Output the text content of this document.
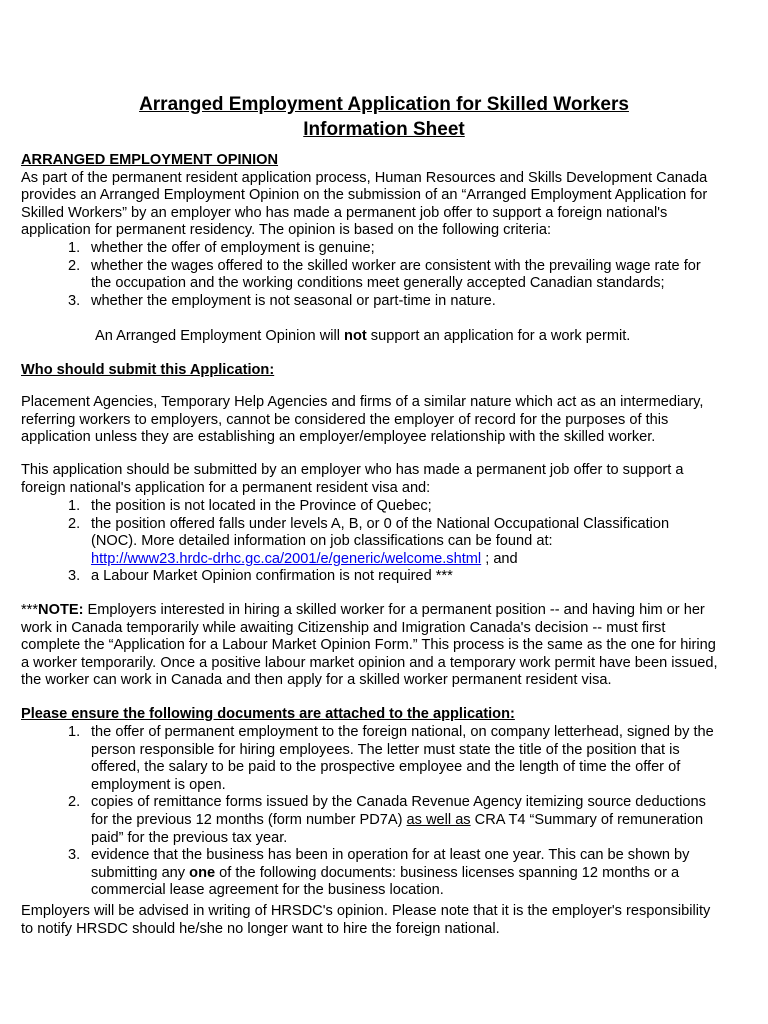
Arranged Employment Application for Skilled Workers
Information Sheet
ARRANGED EMPLOYMENT OPINION
As part of the permanent resident application process, Human Resources and Skills Development Canada
provides an Arranged Employment Opinion on the submission of an “Arranged Employment Application for
Skilled Workers” by an employer who has made a permanent job offer to support a foreign national's
application for permanent residency. The opinion is based on the following criteria:
1. whether the offer of employment is genuine;
2. whether the wages offered to the skilled worker are consistent with the prevailing wage rate for
the occupation and the working conditions meet generally accepted Canadian standards;
3. whether the employment is not seasonal or part-time in nature.
An Arranged Employment Opinion will not support an application for a work permit.
Who should submit this Application:
Placement Agencies, Temporary Help Agencies and firms of a similar nature which act as an intermediary,
referring workers to employers, cannot be considered the employer of record for the purposes of this
application unless they are establishing an employer/employee relationship with the skilled worker.
This application should be submitted by an employer who has made a permanent job offer to support a
foreign national's application for a permanent resident visa and:
1. the position is not located in the Province of Quebec;
2. the position offered falls under levels A, B, or 0 of the National Occupational Classification
(NOC). More detailed information on job classifications can be found at:
http://www23.hrdc-drhc.gc.ca/2001/e/generic/welcome.shtml ; and
3. a Labour Market Opinion confirmation is not required ***
***NOTE: Employers interested in hiring a skilled worker for a permanent position -- and having him or her
work in Canada temporarily while awaiting Citizenship and Imigration Canada's decision -- must first
complete the “Application for a Labour Market Opinion Form.” This process is the same as the one for hiring
a worker temporarily. Once a positive labour market opinion and a temporary work permit have been issued,
the worker can work in Canada and then apply for a skilled worker permanent resident visa.
Please ensure the following documents are attached to the application:
1. the offer of permanent employment to the foreign national, on company letterhead, signed by the
person responsible for hiring employees. The letter must state the title of the position that is
offered, the salary to be paid to the prospective employee and the length of time the offer of
employment is open.
2. copies of remittance forms issued by the Canada Revenue Agency itemizing source deductions
for the previous 12 months (form number PD7A) as well as CRA T4 “Summary of remuneration
paid” for the previous tax year.
3. evidence that the business has been in operation for at least one year. This can be shown by
submitting any one of the following documents: business licenses spanning 12 months or a
commercial lease agreement for the business location.
Employers will be advised in writing of HRSDC's opinion. Please note that it is the employer's responsibility
to notify HRSDC should he/she no longer want to hire the foreign national.
